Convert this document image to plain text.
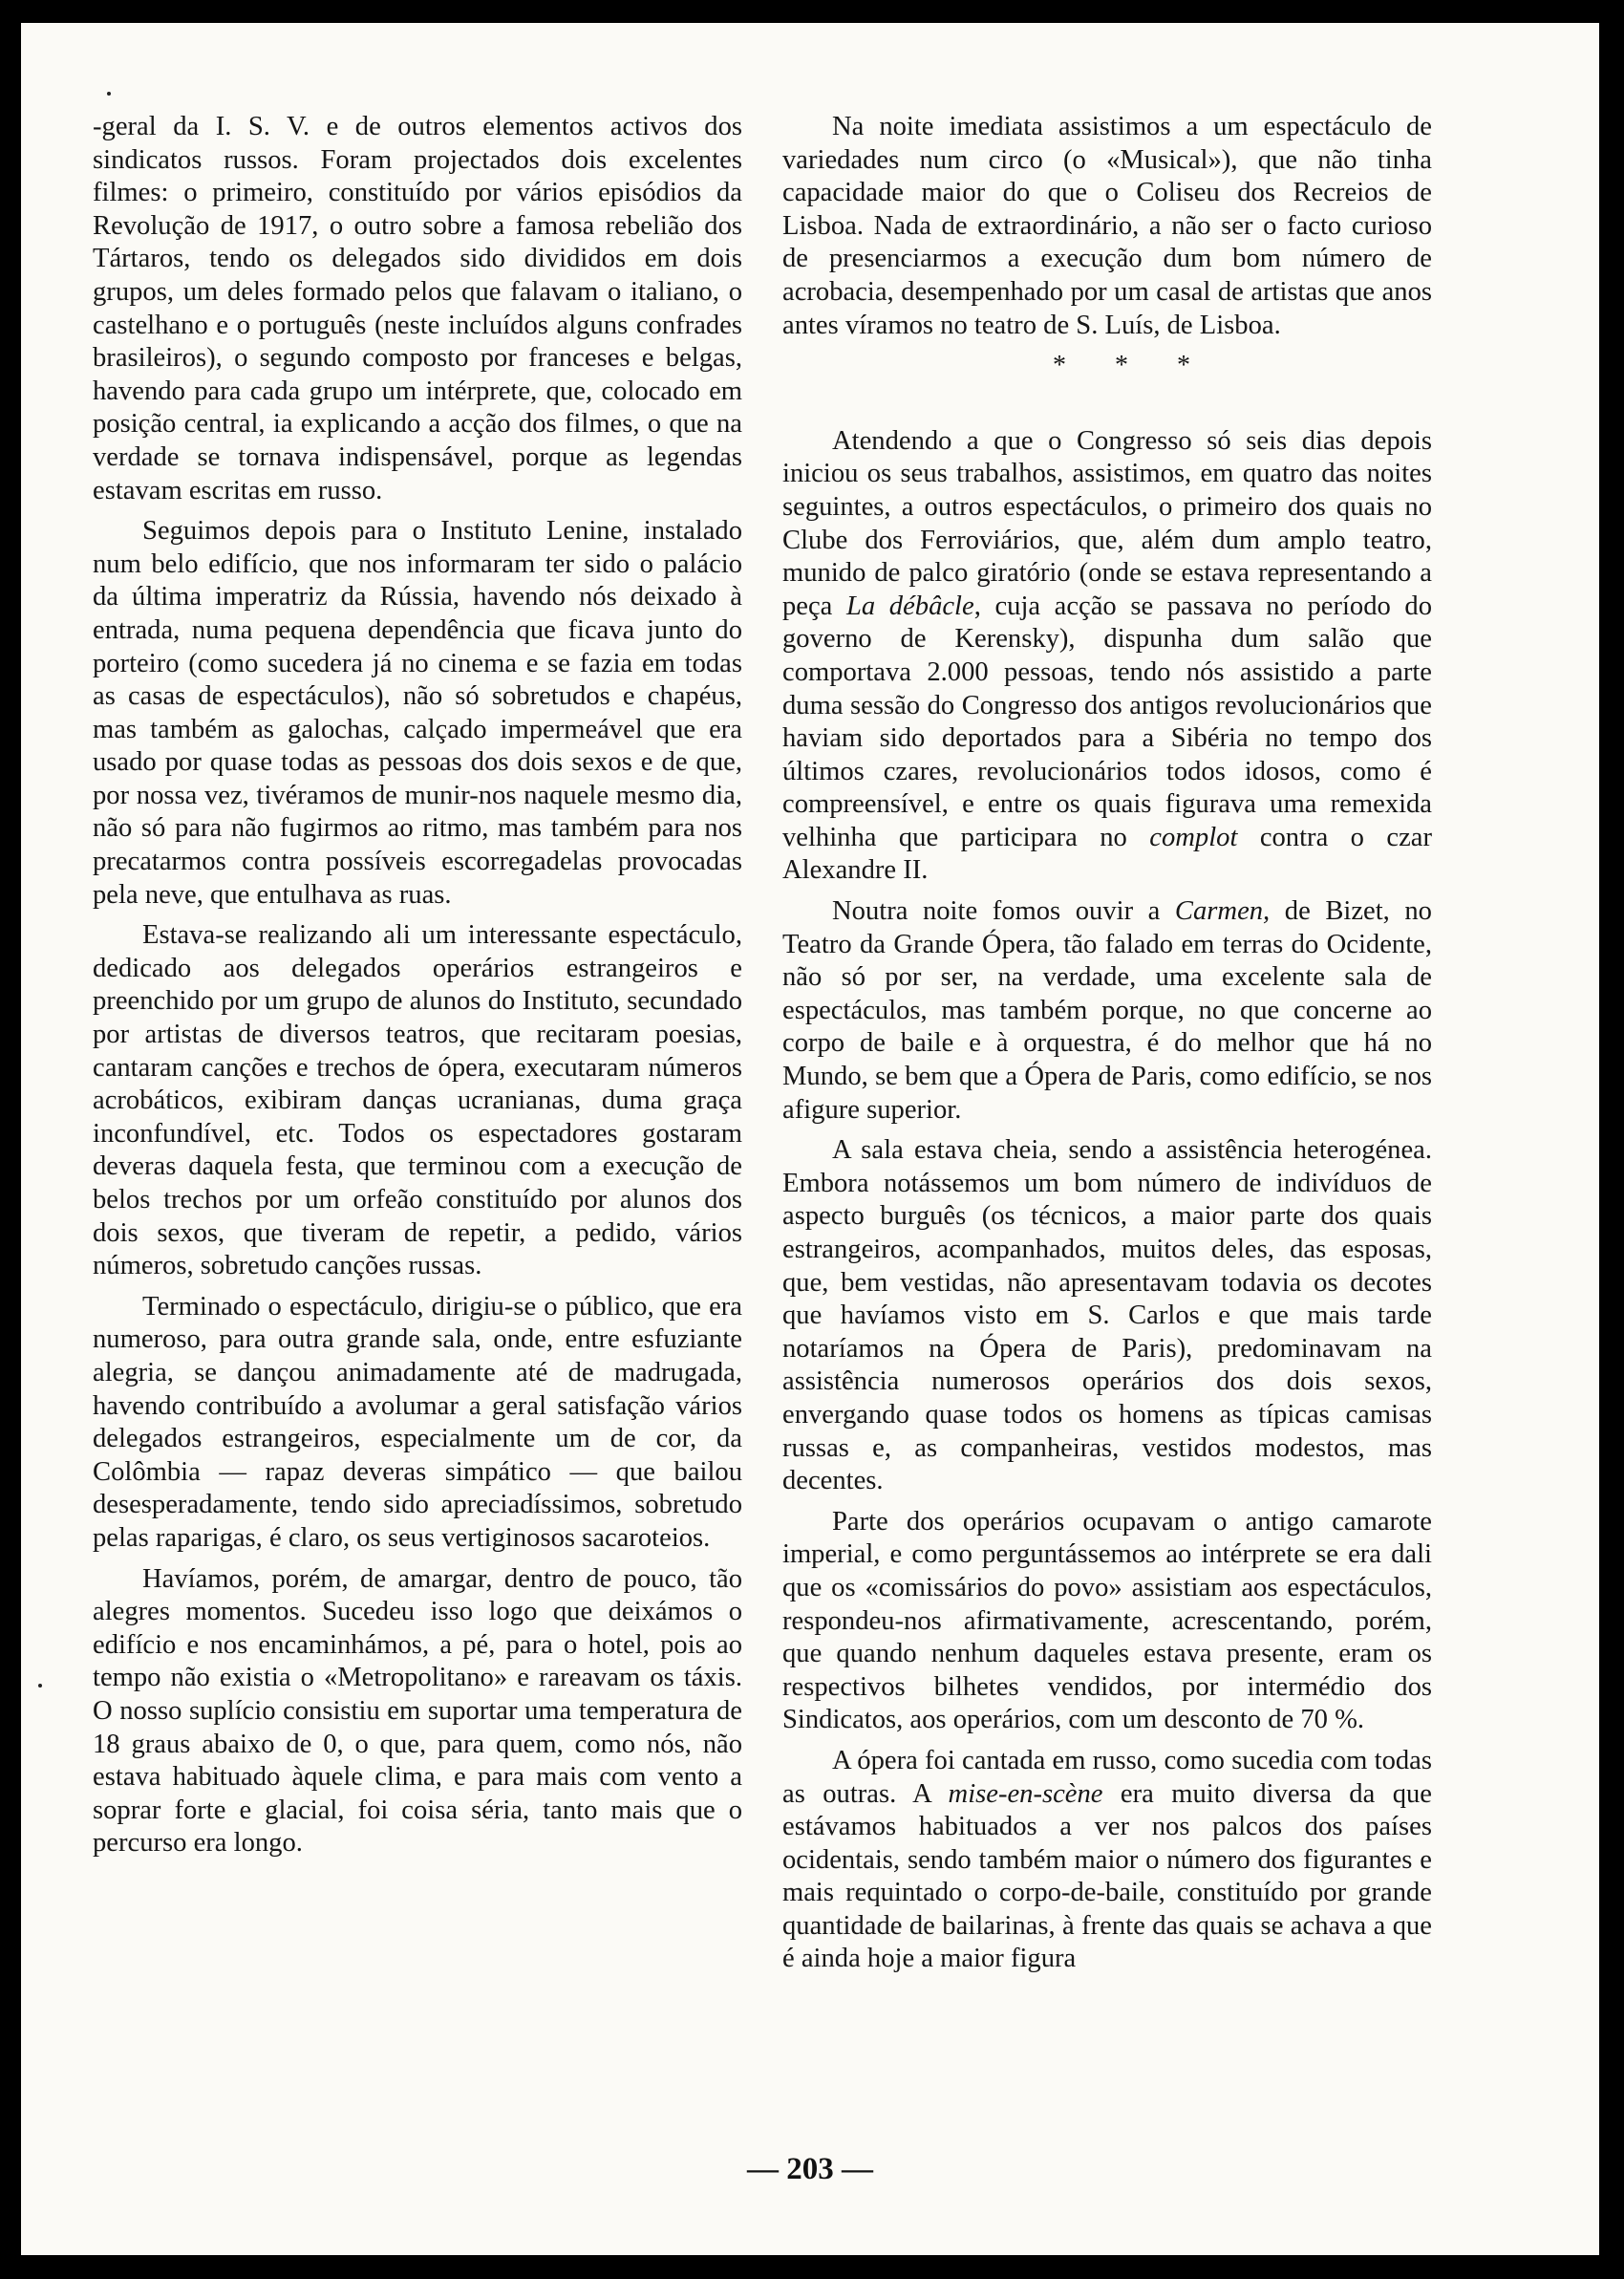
-geral da I. S. V. e de outros elementos activos dos sindicatos russos. Foram projectados dois excelentes filmes: o primeiro, constituído por vários episódios da Revolução de 1917, o outro sobre a famosa rebelião dos Tártaros, tendo os delegados sido divididos em dois grupos, um deles formado pelos que falavam o italiano, o castelhano e o português (neste incluídos alguns confrades brasileiros), o segundo composto por franceses e belgas, havendo para cada grupo um intérprete, que, colocado em posição central, ia explicando a acção dos filmes, o que na verdade se tornava indispensável, porque as legendas estavam escritas em russo.

Seguimos depois para o Instituto Lenine, instalado num belo edifício, que nos informaram ter sido o palácio da última imperatriz da Rússia, havendo nós deixado à entrada, numa pequena dependência que ficava junto do porteiro (como sucedera já no cinema e se fazia em todas as casas de espectáculos), não só sobretudos e chapéus, mas também as galochas, calçado impermeável que era usado por quase todas as pessoas dos dois sexos e de que, por nossa vez, tivéramos de munir-nos naquele mesmo dia, não só para não fugirmos ao ritmo, mas também para nos precatarmos contra possíveis escorregadelas provocadas pela neve, que entulhava as ruas.

Estava-se realizando ali um interessante espectáculo, dedicado aos delegados operários estrangeiros e preenchido por um grupo de alunos do Instituto, secundado por artistas de diversos teatros, que recitaram poesias, cantaram canções e trechos de ópera, executaram números acrobáticos, exibiram danças ucranianas, duma graça inconfundível, etc. Todos os espectadores gostaram deveras daquela festa, que terminou com a execução de belos trechos por um orfeão constituído por alunos dos dois sexos, que tiveram de repetir, a pedido, vários números, sobretudo canções russas.

Terminado o espectáculo, dirigiu-se o público, que era numeroso, para outra grande sala, onde, entre esfuziante alegria, se dançou animadamente até de madrugada, havendo contribuído a avolumar a geral satisfação vários delegados estrangeiros, especialmente um de cor, da Colômbia — rapaz deveras simpático — que bailou desesperadamente, tendo sido apreciadíssimos, sobretudo pelas raparigas, é claro, os seus vertiginosos sacaroteios.

Havíamos, porém, de amargar, dentro de pouco, tão alegres momentos. Sucedeu isso logo que deixámos o edifício e nos encaminhámos, a pé, para o hotel, pois ao tempo não existia o «Metropolitano» e rareavam os táxis. O nosso suplício consistiu em suportar uma temperatura de 18 graus abaixo de 0, o que, para quem, como nós, não estava habituado àquele clima, e para mais com vento a soprar forte e glacial, foi coisa séria, tanto mais que o percurso era longo.

Na noite imediata assistimos a um espectáculo de variedades num circo (o «Musical»), que não tinha capacidade maior do que o Coliseu dos Recreios de Lisboa. Nada de extraordinário, a não ser o facto curioso de presenciarmos a execução dum bom número de acrobacia, desempenhado por um casal de artistas que anos antes víramos no teatro de S. Luís, de Lisboa.

* * *

Atendendo a que o Congresso só seis dias depois iniciou os seus trabalhos, assistimos, em quatro das noites seguintes, a outros espectáculos, o primeiro dos quais no Clube dos Ferroviários, que, além dum amplo teatro, munido de palco giratório (onde se estava representando a peça La débâcle, cuja acção se passava no período do governo de Kerensky), dispunha dum salão que comportava 2.000 pessoas, tendo nós assistido a parte duma sessão do Congresso dos antigos revolucionários que haviam sido deportados para a Sibéria no tempo dos últimos czares, revolucionários todos idosos, como é compreensível, e entre os quais figurava uma remexida velhinha que participara no complot contra o czar Alexandre II.

Noutra noite fomos ouvir a Carmen, de Bizet, no Teatro da Grande Ópera, tão falado em terras do Ocidente, não só por ser, na verdade, uma excelente sala de espectáculos, mas também porque, no que concerne ao corpo de baile e à orquestra, é do melhor que há no Mundo, se bem que a Ópera de Paris, como edifício, se nos afigure superior.

A sala estava cheia, sendo a assistência heterogénea. Embora notássemos um bom número de indivíduos de aspecto burguês (os técnicos, a maior parte dos quais estrangeiros, acompanhados, muitos deles, das esposas, que, bem vestidas, não apresentavam todavia os decotes que havíamos visto em S. Carlos e que mais tarde notaríamos na Ópera de Paris), predominavam na assistência numerosos operários dos dois sexos, envergando quase todos os homens as típicas camisas russas e, as companheiras, vestidos modestos, mas decentes.

Parte dos operários ocupavam o antigo camarote imperial, e como perguntássemos ao intérprete se era dali que os «comissários do povo» assistiam aos espectáculos, respondeu-nos afirmativamente, acrescentando, porém, que quando nenhum daqueles estava presente, eram os respectivos bilhetes vendidos, por intermédio dos Sindicatos, aos operários, com um desconto de 70 %.

A ópera foi cantada em russo, como sucedia com todas as outras. A mise-en-scène era muito diversa da que estávamos habituados a ver nos palcos dos países ocidentais, sendo também maior o número dos figurantes e mais requintado o corpo-de-baile, constituído por grande quantidade de bailarinas, à frente das quais se achava a que é ainda hoje a maior figura

— 203 —
